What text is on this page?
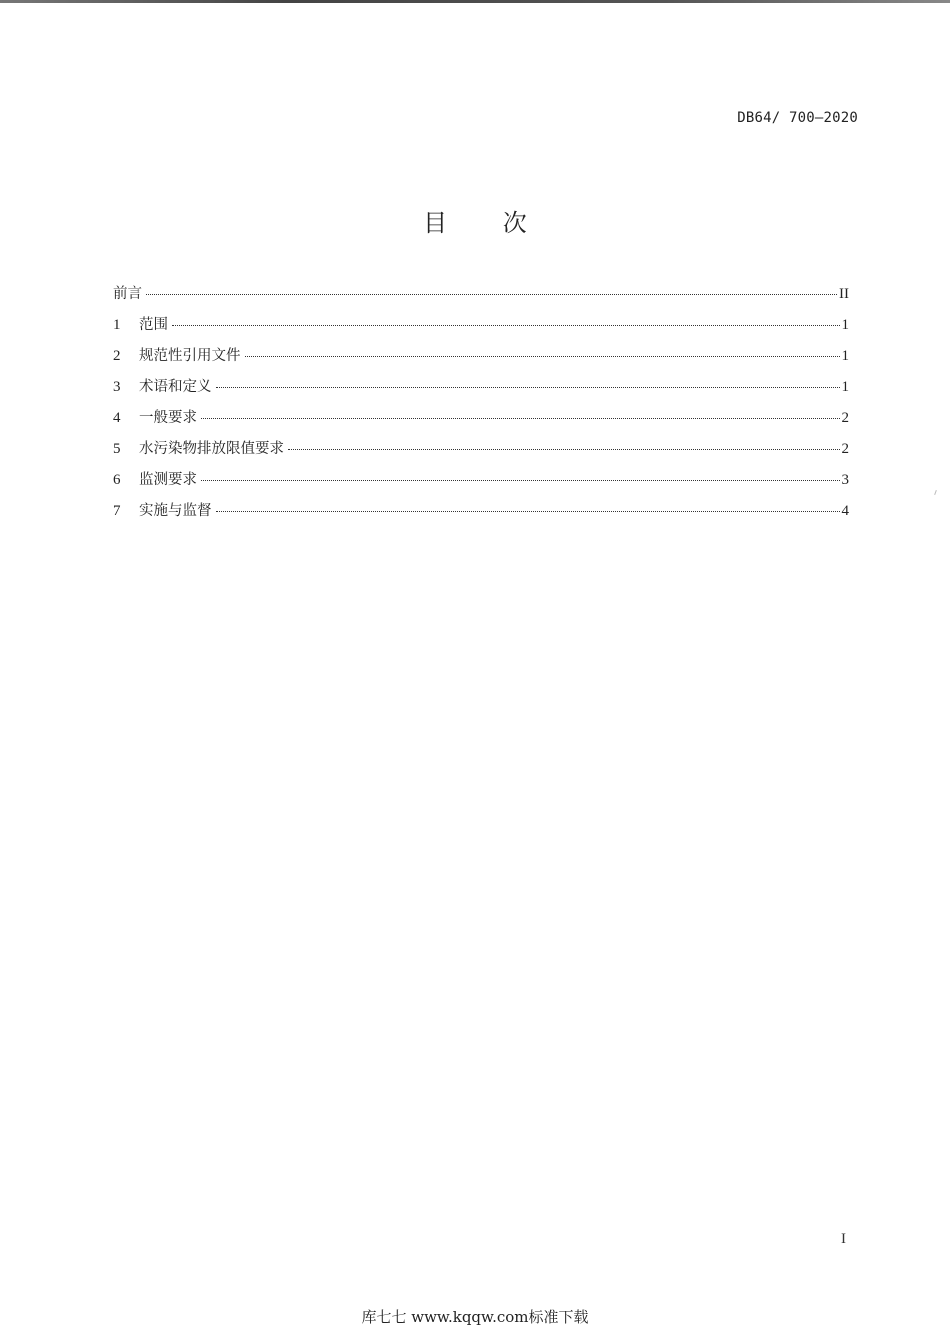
DB64/ 700—2020
目 次
前言	II
1	范围	1
2	规范性引用文件	1
3	术语和定义	1
4	一般要求	2
5	水污染物排放限值要求	2
6	监测要求	3
7	实施与监督	4
I
库七七 www.kqqw.com标准下载
